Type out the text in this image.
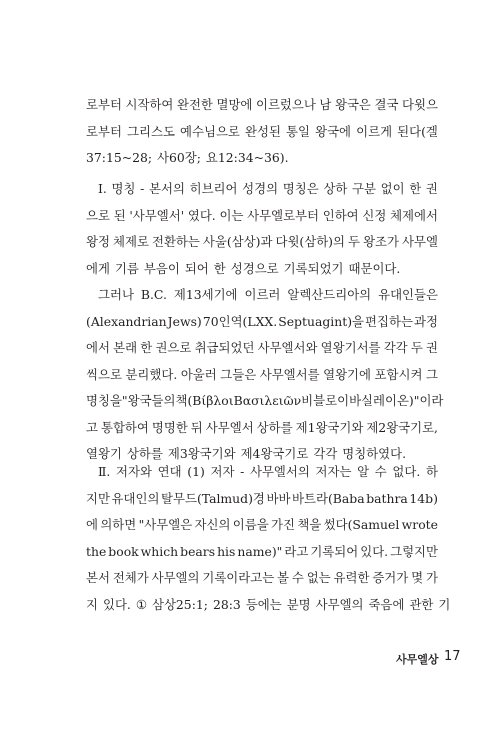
로부터 시작하여 완전한 멸망에 이르렀으나 남 왕국은 결국 다윗으
로부터 그리스도 예수님으로 완성된 통일 왕국에 이르게 된다(겔
37:15~28; 사60장; 요12:34~36).
Ⅰ. 명칭 - 본서의 히브리어 성경의 명칭은 상하 구분 없이 한 권
으로 된 '사무엘서' 였다. 이는 사무엘로부터 인하여 신정 체제에서
왕정 체제로 전환하는 사울(삼상)과 다윗(삼하)의 두 왕조가 사무엘
에게 기름 부음이 되어 한 성경으로 기록되었기 때문이다.
그러나 B.C. 제13세기에 이르러 알렉산드리아의 유대인들은
(Alexandrian Jews) 70인역(LXX. Septuagint)을 편집하는 과정
에서 본래 한 권으로 취급되었던 사무엘서와 열왕기서를 각각 두 권
씩으로 분리했다. 아울러 그들은 사무엘서를 열왕기에 포함시켜 그
명칭을 "왕국들의 책(Βίβλοι Βασιλειῶν 비블로이 바실레이온)" 이라
고 통합하여 명명한 뒤 사무엘서 상하를 제1왕국기와 제2왕국기로,
열왕기 상하를 제3왕국기와 제4왕국기로 각각 명칭하였다.
Ⅱ. 저자와 연대 (1) 저자 - 사무엘서의 저자는 알 수 없다. 하
지만 유대인의 탈무드(Talmud)경 바바 바트라(Baba bathra 14b)
에 의하면 "사무엘은 자신의 이름을 가진 책을 썼다(Samuel wrote
the book which bears his name)" 라고 기록되어 있다. 그렇지만
본서 전체가 사무엘의 기록이라고는 볼 수 없는 유력한 증거가 몇 가
지 있다. ① 삼상25:1; 28:3 등에는 분명 사무엘의 죽음에 관한 기
사무엘상 17
